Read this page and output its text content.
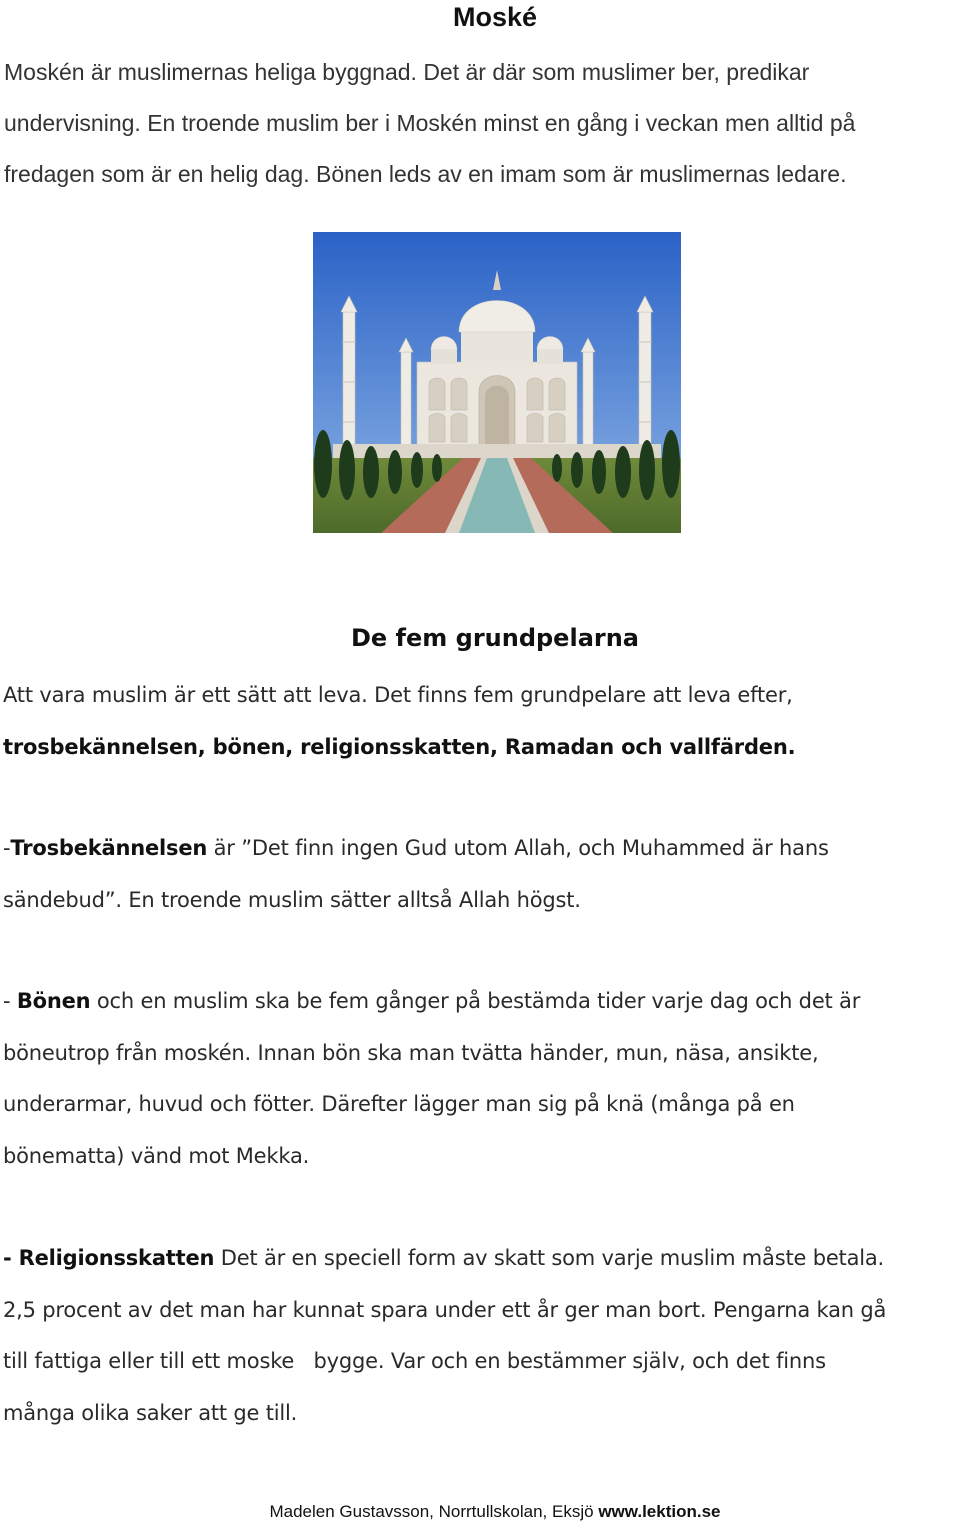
Moské
Moskén är muslimernas heliga byggnad. Det är där som muslimer ber, predikar
undervisning. En troende muslim ber i Moskén minst en gång i veckan men alltid på
fredagen som är en helig dag. Bönen leds av en imam som är muslimernas ledare.
De fem grundpelarna
Att vara muslim är ett sätt att leva. Det finns fem grundpelare att leva efter,
trosbekännelsen, bönen, religionsskatten, Ramadan och vallfärden.
-Trosbekännelsen är ”Det finn ingen Gud utom Allah, och Muhammed är hans
sändebud”. En troende muslim sätter alltså Allah högst.
- Bönen och en muslim ska be fem gånger på bestämda tider varje dag och det är
böneutrop från moskén. Innan bön ska man tvätta händer, mun, näsa, ansikte,
underarmar, huvud och fötter. Därefter lägger man sig på knä (många på en
bönematta) vänd mot Mekka.
- Religionsskatten Det är en speciell form av skatt som varje muslim måste betala.
2,5 procent av det man har kunnat spara under ett år ger man bort. Pengarna kan gå
till fattiga eller till ett moske   bygge. Var och en bestämmer själv, och det finns
många olika saker att ge till.
Madelen Gustavsson, Norrtullskolan, Eksjö www.lektion.se
